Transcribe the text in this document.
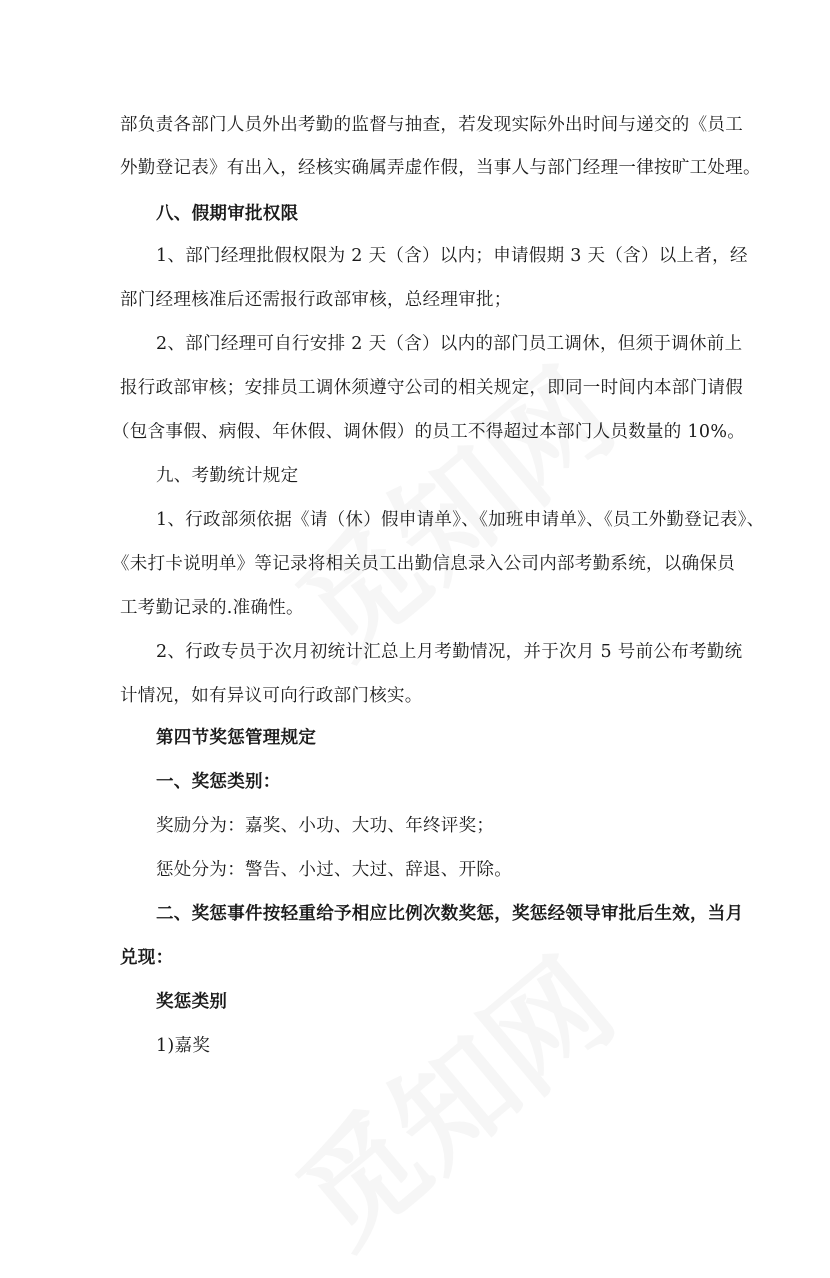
部负责各部门人员外出考勤的监督与抽查，若发现实际外出时间与递交的《员工
外勤登记表》有出入，经核实确属弄虚作假，当事人与部门经理一律按旷工处理。
八、假期审批权限
1、部门经理批假权限为 2 天（含）以内；申请假期 3 天（含）以上者，经
部门经理核准后还需报行政部审核，总经理审批；
2、部门经理可自行安排 2 天（含）以内的部门员工调休，但须于调休前上
报行政部审核；安排员工调休须遵守公司的相关规定，即同一时间内本部门请假
（包含事假、病假、年休假、调休假）的员工不得超过本部门人员数量的 10%。
九、考勤统计规定
1、行政部须依据《请（休）假申请单》、《加班申请单》、《员工外勤登记表》、
《未打卡说明单》等记录将相关员工出勤信息录入公司内部考勤系统，以确保员
工考勤记录的.准确性。
2、行政专员于次月初统计汇总上月考勤情况，并于次月 5 号前公布考勤统
计情况，如有异议可向行政部门核实。
第四节奖惩管理规定
一、奖惩类别：
奖励分为：嘉奖、小功、大功、年终评奖；
惩处分为：警告、小过、大过、辞退、开除。
二、奖惩事件按轻重给予相应比例次数奖惩，奖惩经领导审批后生效，当月
兑现：
奖惩类别
1)嘉奖
